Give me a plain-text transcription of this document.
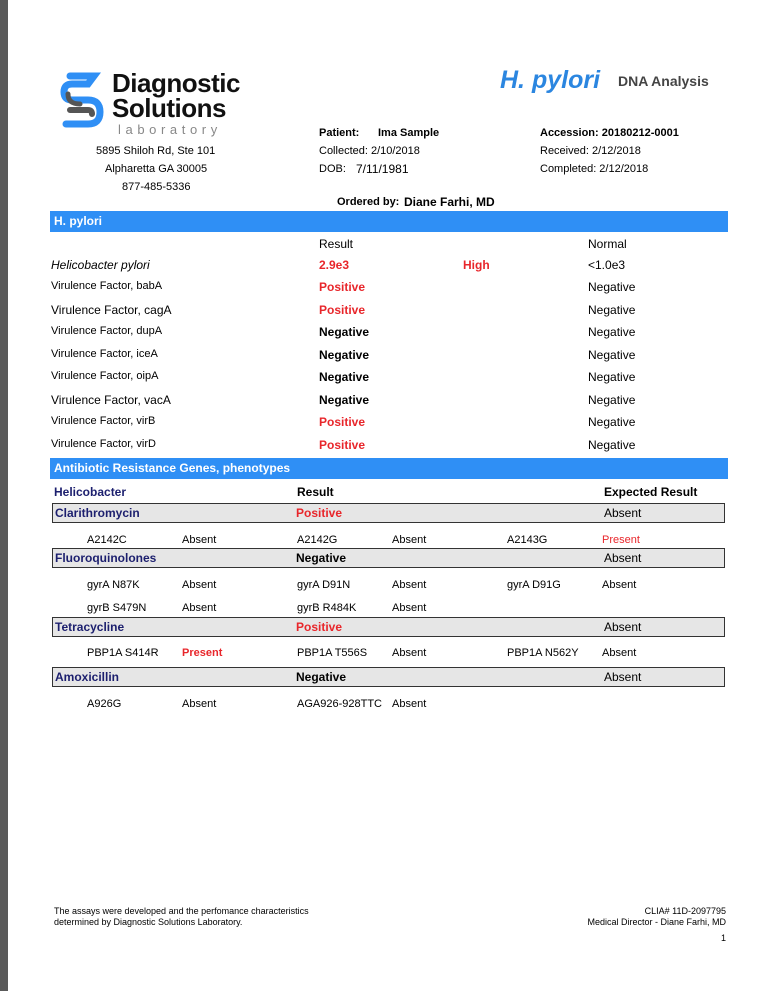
Diagnostic
Solutions
laboratory
H. pylori DNA Analysis
5895 Shiloh Rd, Ste 101
Alpharetta GA 30005
877-485-5336
Patient: Ima Sample
Collected: 2/10/2018
DOB: 7/11/1981
Accession: 20180212-0001
Received: 2/12/2018
Completed: 2/12/2018
Ordered by: Diane Farhi, MD
H. pylori
Result	Normal
Helicobacter pylori	2.9e3	High	<1.0e3
Virulence Factor, babA	Positive	Negative
Virulence Factor, cagA	Positive	Negative
Virulence Factor, dupA	Negative	Negative
Virulence Factor, iceA	Negative	Negative
Virulence Factor, oipA	Negative	Negative
Virulence Factor, vacA	Negative	Negative
Virulence Factor, virB	Positive	Negative
Virulence Factor, virD	Positive	Negative
Antibiotic Resistance Genes, phenotypes
Helicobacter	Result	Expected Result
Clarithromycin	Positive	Absent
A2142C	Absent	A2142G	Absent	A2143G	Present
Fluoroquinolones	Negative	Absent
gyrA N87K	Absent	gyrA D91N	Absent	gyrA D91G	Absent
gyrB S479N	Absent	gyrB R484K	Absent
Tetracycline	Positive	Absent
PBP1A S414R Present	PBP1A T556S Absent	PBP1A N562Y Absent
Amoxicillin	Negative	Absent
A926G	Absent	AGA926-928TTC Absent
The assays were developed and the perfomance characteristics
determined by Diagnostic Solutions Laboratory.
CLIA# 11D-2097795
Medical Director - Diane Farhi, MD
1
